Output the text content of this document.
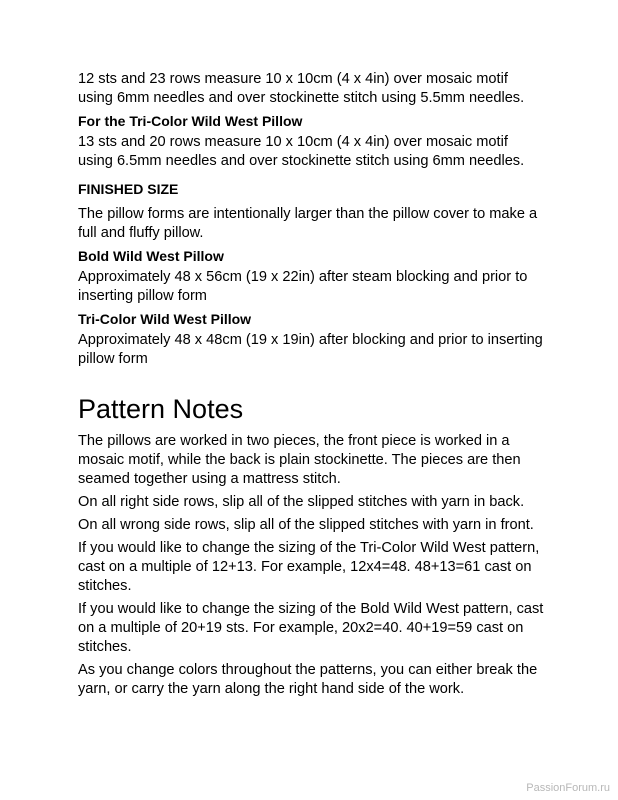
12 sts and 23 rows measure 10 x 10cm (4 x 4in) over mosaic motif using 6mm needles and over stockinette stitch using 5.5mm needles.

For the Tri-Color Wild West Pillow

13 sts and 20 rows measure 10 x 10cm (4 x 4in) over mosaic motif using 6.5mm needles and over stockinette stitch using 6mm needles.

FINISHED SIZE

The pillow forms are intentionally larger than the pillow cover to make a full and fluffy pillow.

Bold Wild West Pillow

Approximately 48 x 56cm (19 x 22in) after steam blocking and prior to inserting pillow form

Tri-Color Wild West Pillow

Approximately 48 x 48cm (19 x 19in) after blocking and prior to inserting pillow form

Pattern Notes

The pillows are worked in two pieces, the front piece is worked in a mosaic motif, while the back is plain stockinette. The pieces are then seamed together using a mattress stitch.

On all right side rows, slip all of the slipped stitches with yarn in back.

On all wrong side rows, slip all of the slipped stitches with yarn in front.

If you would like to change the sizing of the Tri-Color Wild West pattern, cast on a multiple of 12+13. For example, 12x4=48. 48+13=61 cast on stitches.

If you would like to change the sizing of the Bold Wild West pattern, cast on a multiple of 20+19 sts. For example, 20x2=40. 40+19=59 cast on stitches.

As you change colors throughout the patterns, you can either break the yarn, or carry the yarn along the right hand side of the work.

PassionForum.ru
